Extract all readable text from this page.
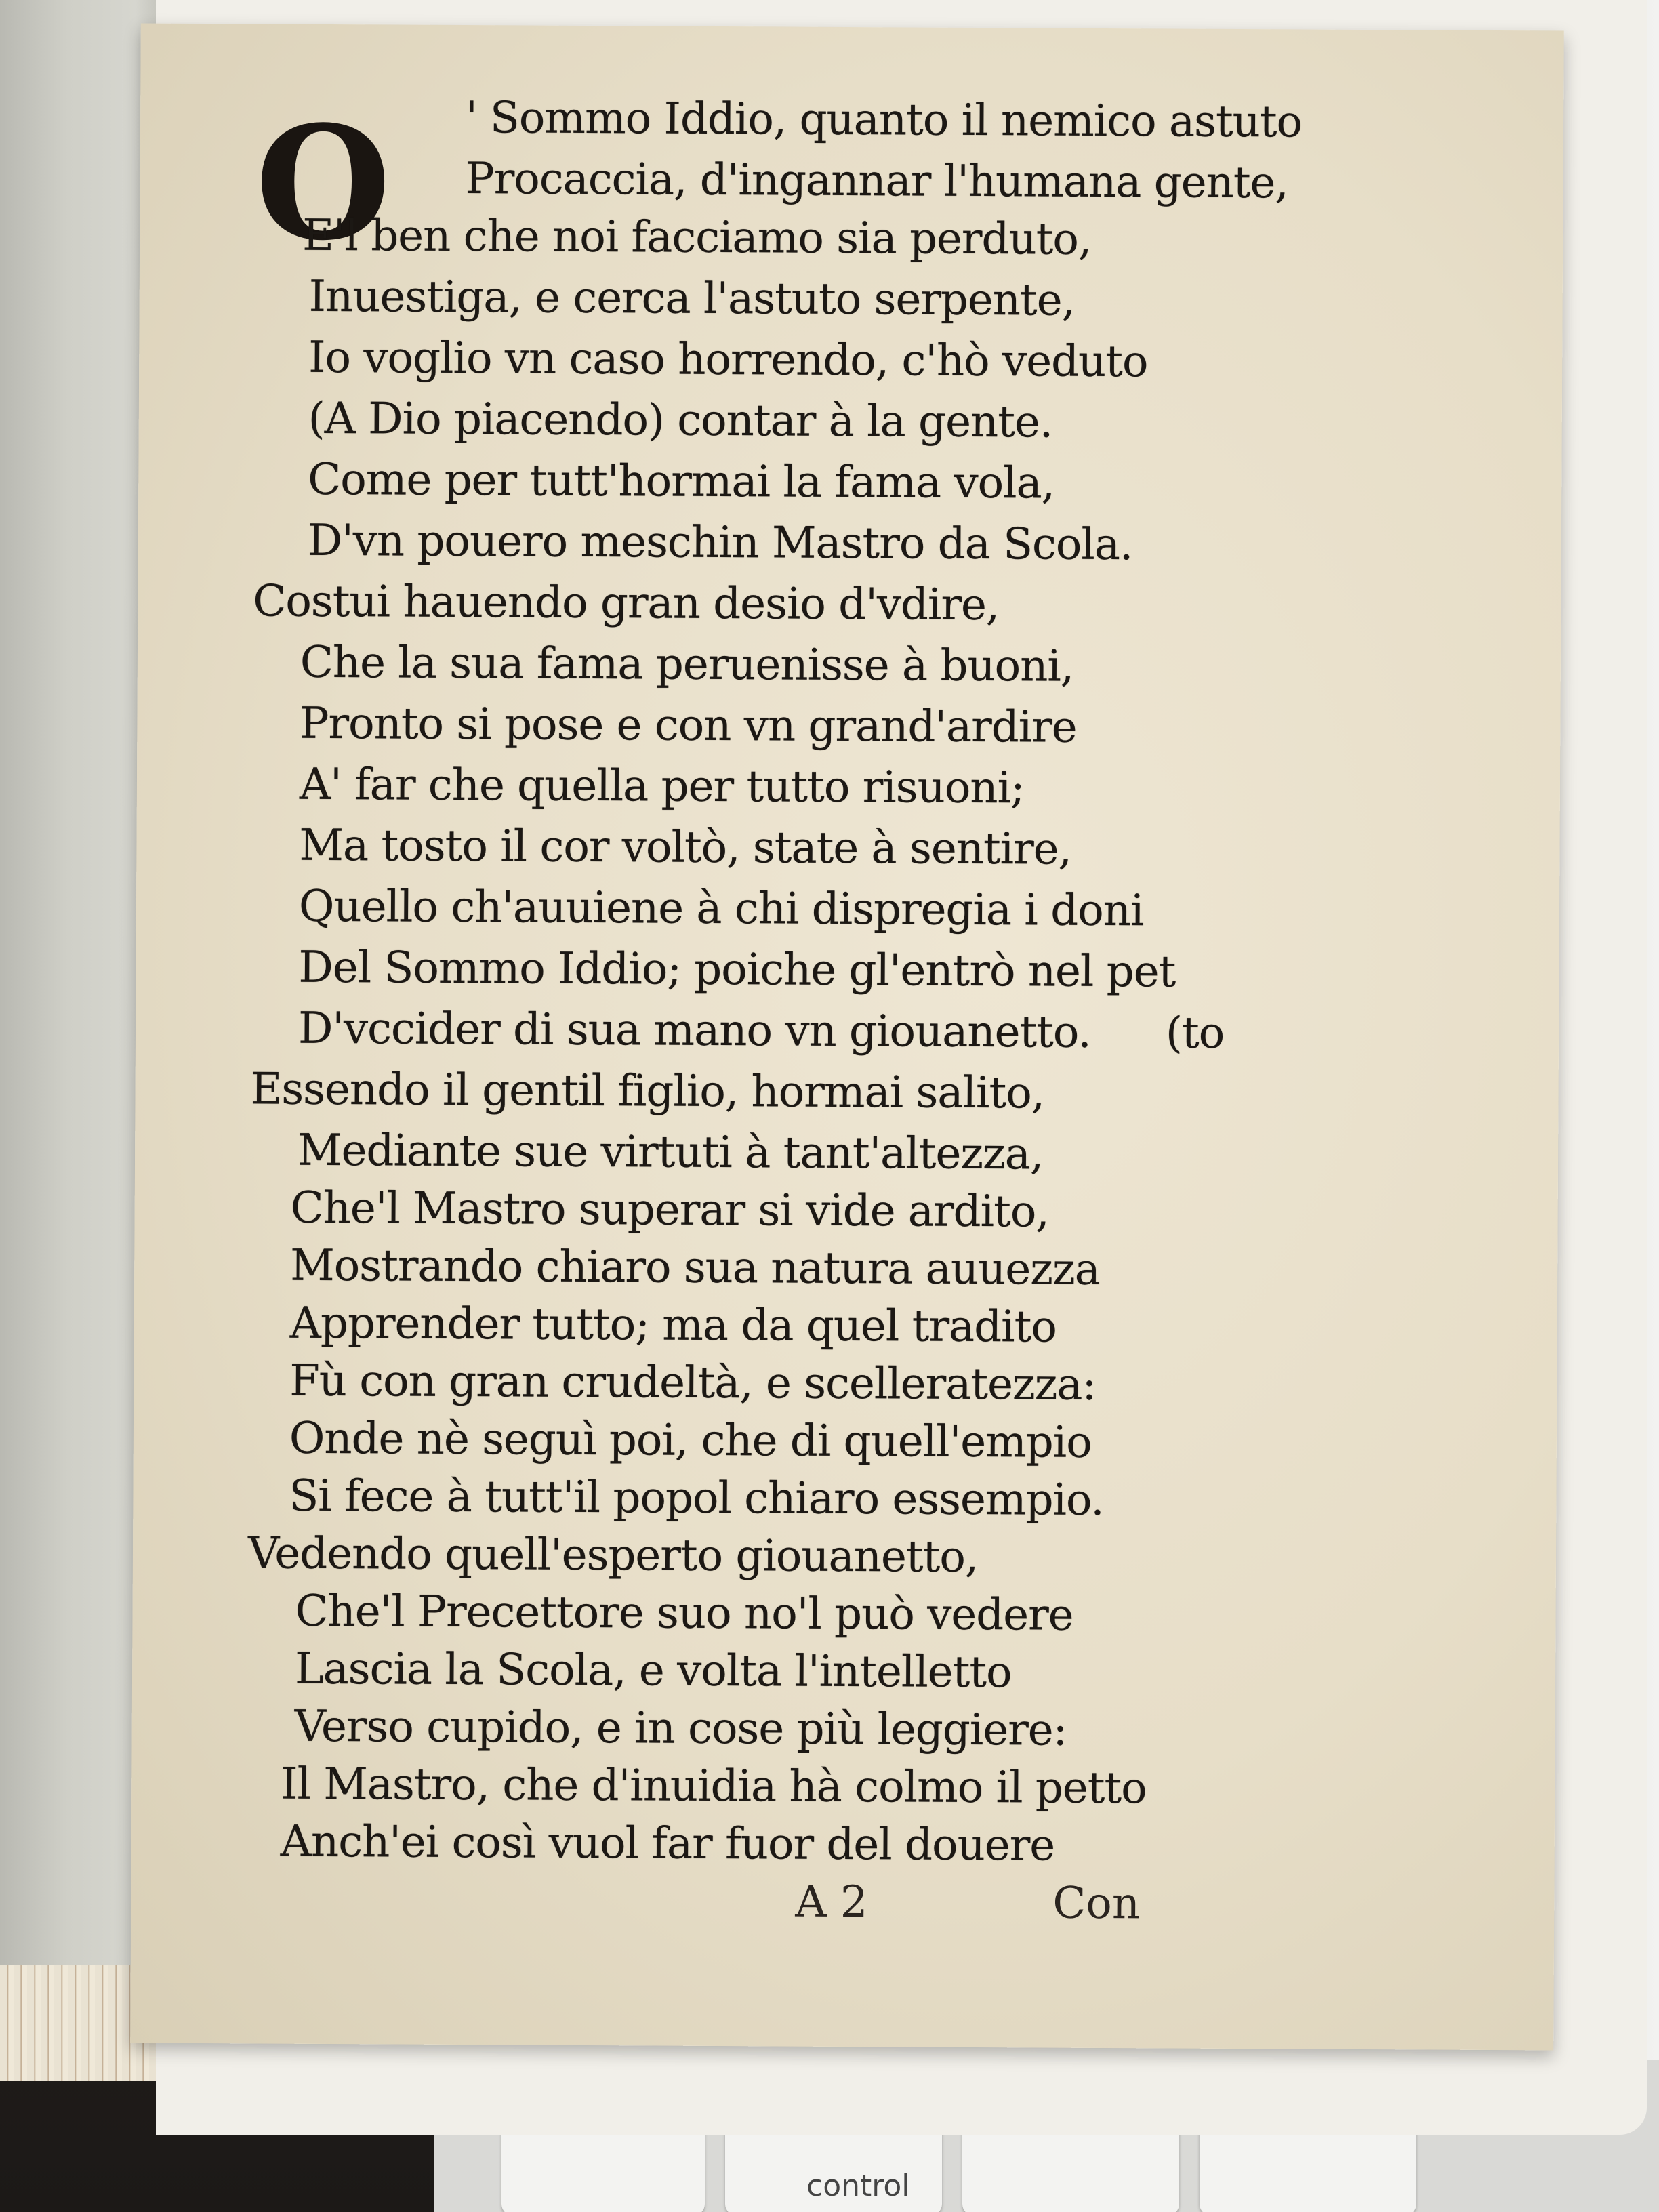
control
O ' Sommo Iddio, quanto il nemico astuto
Procaccia, d'ingannar l'humana gente,
E'l ben che noi facciamo sia perduto,
Inuestiga, e cerca l'astuto serpente,
Io voglio vn caso horrendo, c'hò veduto
(A Dio piacendo) contar à la gente.
Come per tutt'hormai la fama vola,
D'vn pouero meschin Mastro da Scola.
Costui hauendo gran desio d'vdire,
Che la sua fama peruenisse à buoni,
Pronto si pose e con vn grand'ardire
A' far che quella per tutto risuoni;
Ma tosto il cor voltò, state à sentire,
Quello ch'auuiene à chi dispregia i doni
Del Sommo Iddio; poiche gl'entrò nel pet
D'vccider di sua mano vn giouanetto. (to
Essendo il gentil figlio, hormai salito,
Mediante sue virtuti à tant'altezza,
Che'l Mastro superar si vide ardito,
Mostrando chiaro sua natura auuezza
Apprender tutto; ma da quel tradito
Fù con gran crudeltà, e scelleratezza:
Onde nè seguì poi, che di quell'empio
Si fece à tutt'il popol chiaro essempio.
Vedendo quell'esperto giouanetto,
Che'l Precettore suo no'l può vedere
Lascia la Scola, e volta l'intelletto
Verso cupido, e in cose più leggiere:
Il Mastro, che d'inuidia hà colmo il petto
Anch'ei così vuol far fuor del douere
A 2	Con
